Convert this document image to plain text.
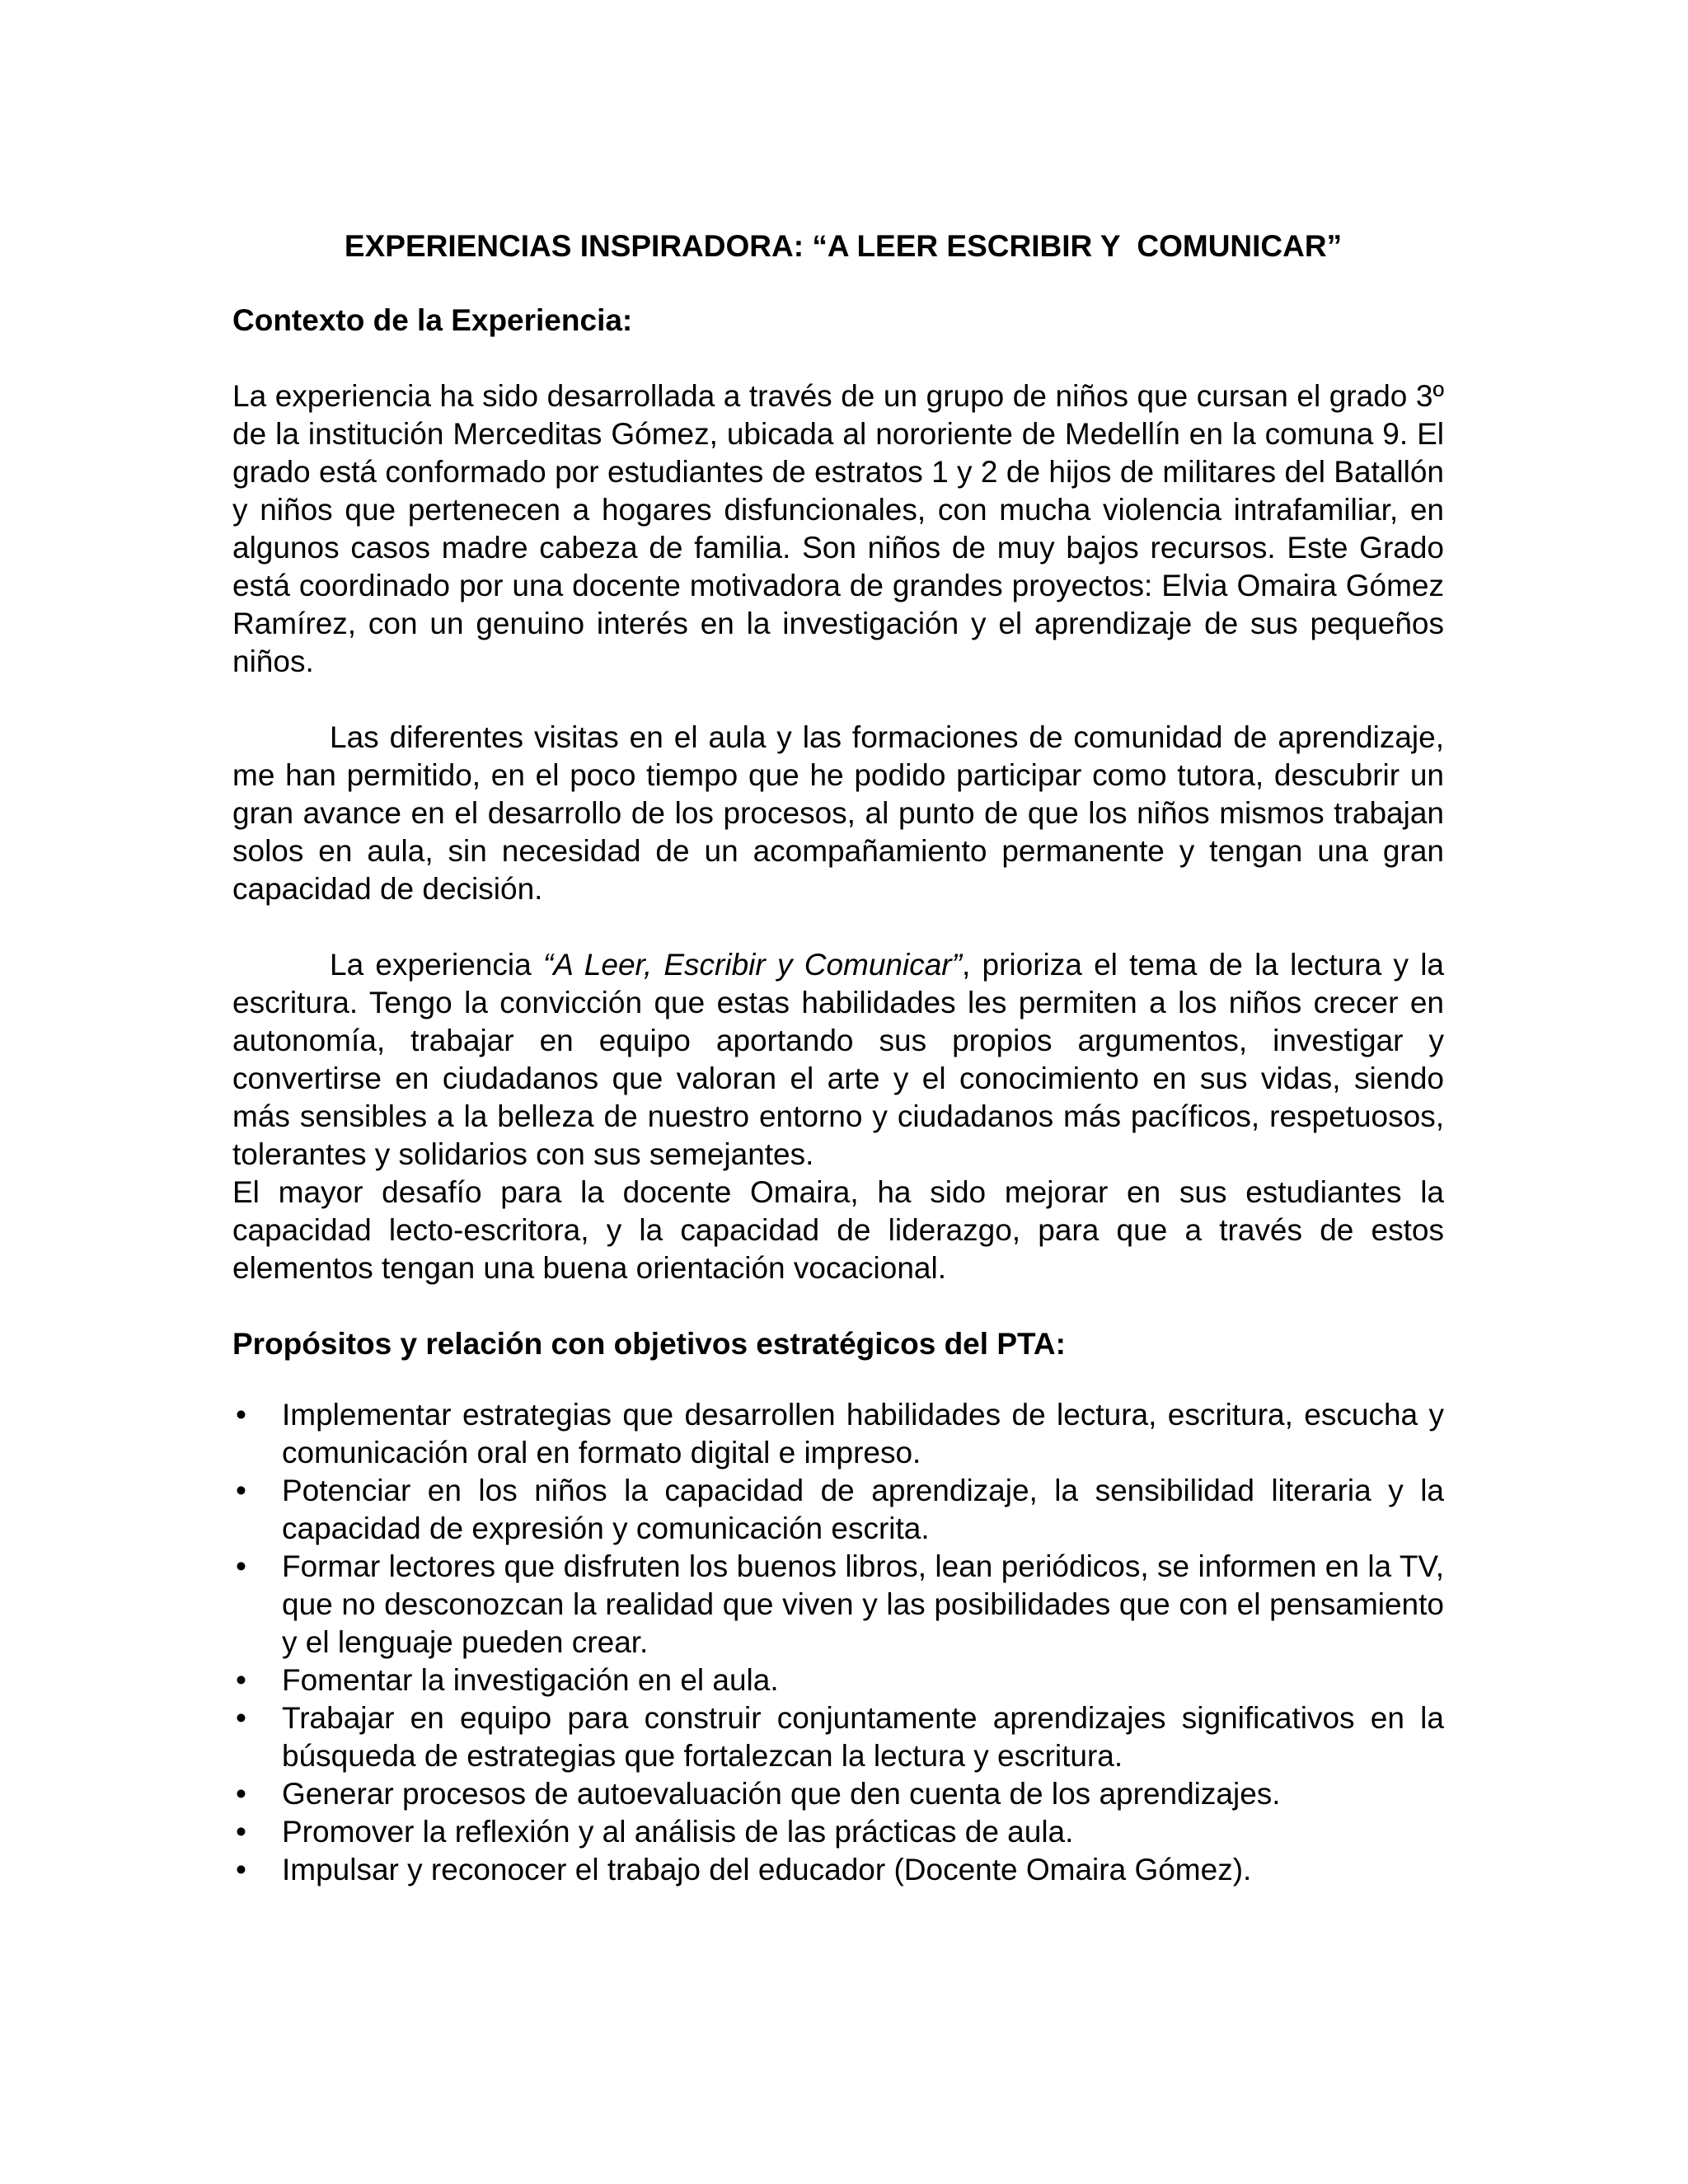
EXPERIENCIAS INSPIRADORA: “A LEER ESCRIBIR Y  COMUNICAR”
Contexto de la Experiencia:

La experiencia ha sido desarrollada a través de un grupo de niños que cursan el grado 3º de la institución Merceditas Gómez, ubicada al nororiente de Medellín en la comuna 9. El grado está conformado por estudiantes de estratos 1 y 2 de hijos de militares del Batallón y niños que pertenecen a hogares disfuncionales, con mucha violencia intrafamiliar, en algunos casos madre cabeza de familia. Son niños de muy bajos recursos. Este Grado está coordinado por una docente motivadora de grandes proyectos: Elvia Omaira Gómez Ramírez, con un genuino interés en la investigación y el aprendizaje de sus pequeños niños.

Las diferentes visitas en el aula y las formaciones de comunidad de aprendizaje, me han permitido, en el poco tiempo que he podido participar como tutora, descubrir un gran avance en el desarrollo de los procesos, al punto de que los niños mismos trabajan solos en aula, sin necesidad de un acompañamiento permanente y tengan una gran capacidad de decisión.

La experiencia “A Leer, Escribir y Comunicar”, prioriza el tema de la lectura y la escritura. Tengo la convicción que estas habilidades les permiten a los niños crecer en autonomía, trabajar en equipo aportando sus propios argumentos, investigar y convertirse en ciudadanos que valoran el arte y el conocimiento en sus vidas, siendo más sensibles a la belleza de nuestro entorno y ciudadanos más pacíficos, respetuosos, tolerantes y solidarios con sus semejantes.

El mayor desafío para la docente Omaira, ha sido mejorar en sus estudiantes la capacidad lecto-escritora, y la capacidad de liderazgo, para que a través de estos elementos tengan una buena orientación vocacional.

Propósitos y relación con objetivos estratégicos del PTA:
•	Implementar estrategias que desarrollen habilidades de lectura, escritura, escucha y comunicación oral en formato digital e impreso.
•	Potenciar en los niños la capacidad de aprendizaje, la sensibilidad literaria y la capacidad de expresión y comunicación escrita.
•	Formar lectores que disfruten los buenos libros, lean periódicos, se informen en la TV, que no desconozcan la realidad que viven y las posibilidades que con el pensamiento y el lenguaje pueden crear.
•	Fomentar la investigación en el aula.
•	Trabajar en equipo para construir conjuntamente aprendizajes significativos en la búsqueda de estrategias que fortalezcan la lectura y escritura.
•	Generar procesos de autoevaluación que den cuenta de los aprendizajes.
•	Promover la reflexión y al análisis de las prácticas de aula.
•	Impulsar y reconocer el trabajo del educador (Docente Omaira Gómez).
